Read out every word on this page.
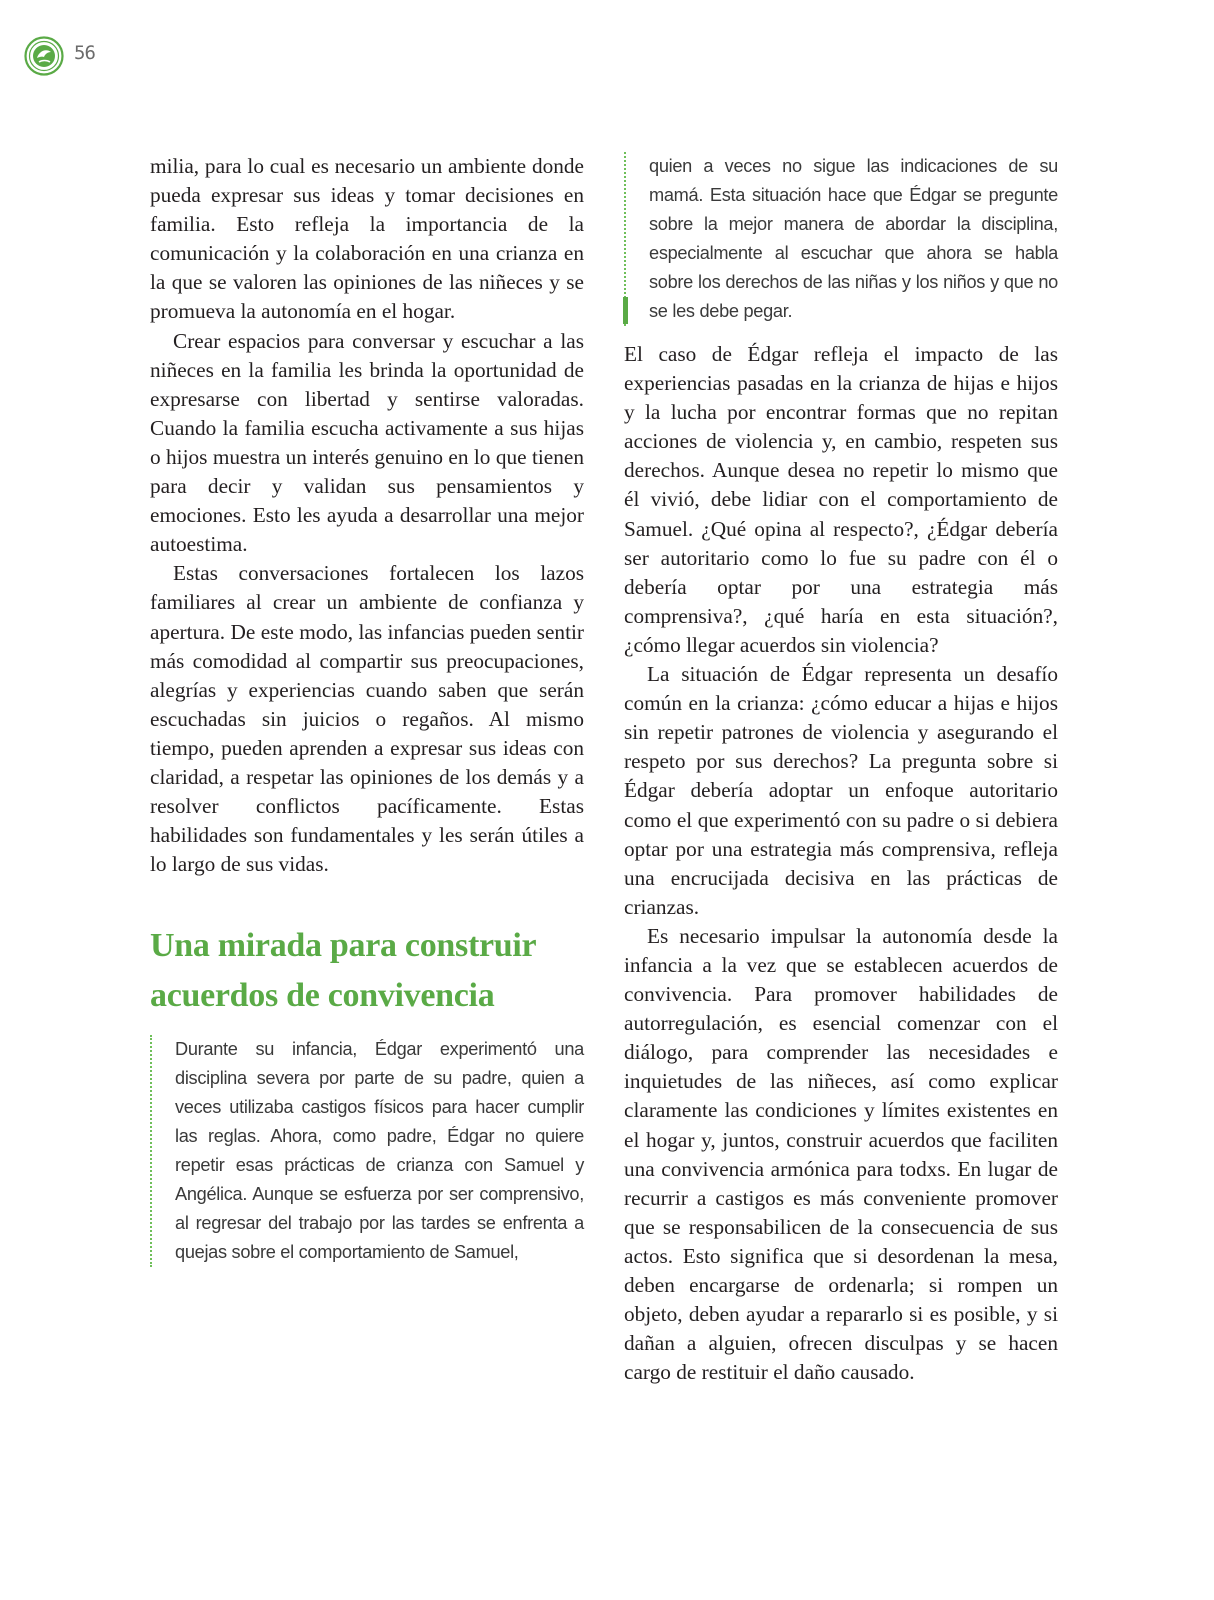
56

milia, para lo cual es necesario un ambiente donde pueda expresar sus ideas y tomar decisiones en familia. Esto refleja la importancia de la comunicación y la colaboración en una crianza en la que se valoren las opiniones de las niñeces y se promueva la autonomía en el hogar.

Crear espacios para conversar y escuchar a las niñeces en la familia les brinda la oportunidad de expresarse con libertad y sentirse valoradas. Cuando la familia escucha activamente a sus hijas o hijos muestra un interés genuino en lo que tienen para decir y validan sus pensamientos y emociones. Esto les ayuda a desarrollar una mejor autoestima.

Estas conversaciones fortalecen los lazos familiares al crear un ambiente de confianza y apertura. De este modo, las infancias pueden sentir más comodidad al compartir sus preocupaciones, alegrías y experiencias cuando saben que serán escuchadas sin juicios o regaños. Al mismo tiempo, pueden aprenden a expresar sus ideas con claridad, a respetar las opiniones de los demás y a resolver conflictos pacíficamente. Estas habilidades son fundamentales y les serán útiles a lo largo de sus vidas.

Una mirada para construir acuerdos de convivencia

Durante su infancia, Édgar experimentó una disciplina severa por parte de su padre, quien a veces utilizaba castigos físicos para hacer cumplir las reglas. Ahora, como padre, Édgar no quiere repetir esas prácticas de crianza con Samuel y Angélica. Aunque se esfuerza por ser comprensivo, al regresar del trabajo por las tardes se enfrenta a quejas sobre el comportamiento de Samuel,

quien a veces no sigue las indicaciones de su mamá. Esta situación hace que Édgar se pregunte sobre la mejor manera de abordar la disciplina, especialmente al escuchar que ahora se habla sobre los derechos de las niñas y los niños y que no se les debe pegar.

El caso de Édgar refleja el impacto de las experiencias pasadas en la crianza de hijas e hijos y la lucha por encontrar formas que no repitan acciones de violencia y, en cambio, respeten sus derechos. Aunque desea no repetir lo mismo que él vivió, debe lidiar con el comportamiento de Samuel. ¿Qué opina al respecto?, ¿Édgar debería ser autoritario como lo fue su padre con él o debería optar por una estrategia más comprensiva?, ¿qué haría en esta situación?, ¿cómo llegar acuerdos sin violencia?

La situación de Édgar representa un desafío común en la crianza: ¿cómo educar a hijas e hijos sin repetir patrones de violencia y asegurando el respeto por sus derechos? La pregunta sobre si Édgar debería adoptar un enfoque autoritario como el que experimentó con su padre o si debiera optar por una estrategia más comprensiva, refleja una encrucijada decisiva en las prácticas de crianzas.

Es necesario impulsar la autonomía desde la infancia a la vez que se establecen acuerdos de convivencia. Para promover habilidades de autorregulación, es esencial comenzar con el diálogo, para comprender las necesidades e inquietudes de las niñeces, así como explicar claramente las condiciones y límites existentes en el hogar y, juntos, construir acuerdos que faciliten una convivencia armónica para todxs. En lugar de recurrir a castigos es más conveniente promover que se responsabilicen de la consecuencia de sus actos. Esto significa que si desordenan la mesa, deben encargarse de ordenarla; si rompen un objeto, deben ayudar a repararlo si es posible, y si dañan a alguien, ofrecen disculpas y se hacen cargo de restituir el daño causado.
